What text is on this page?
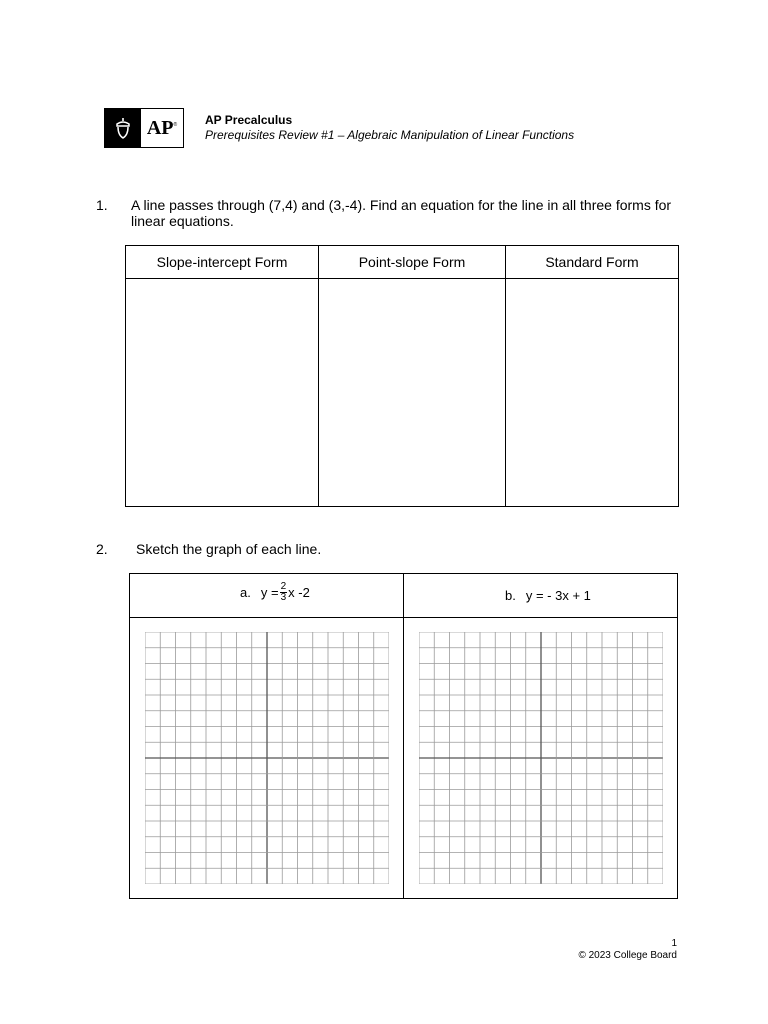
AP ® AP Precalculus
Prerequisites Review #1 – Algebraic Manipulation of Linear Functions
1. A line passes through (7,4) and (3,-4). Find an equation for the line in all three forms for
linear equations.
Slope-intercept Form	Point-slope Form	Standard Form

2. Sketch the graph of each line.
a. $y = \frac{2}{3}$ x -2	b. y = - 3x + 1
1
© 2023 College Board
